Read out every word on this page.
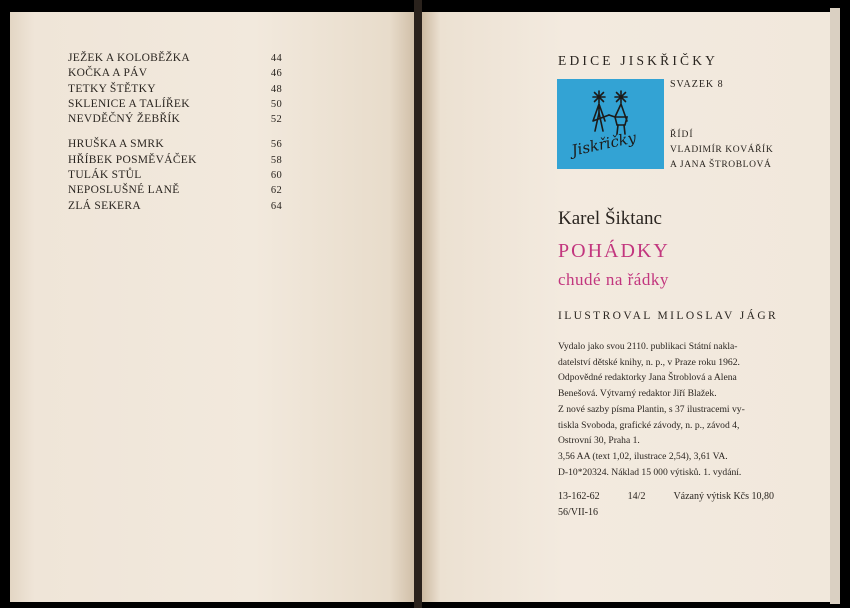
JEŽEK A KOLOBĚŽKA	44
KOČKA A PÁV	46
TETKY ŠTĚTKY	48
SKLENICE A TALÍŘEK	50
NEVDĚČNÝ ŽEBŘÍK	52
HRUŠKA A SMRK	56
HŘÍBEK POSMĚVÁČEK	58
TULÁK STŮL	60
NEPOSLUŠNÉ LANĚ	62
ZLÁ SEKERA	64
EDICE JISKŘIČKY
Jiskřičky
SVAZEK 8
ŘÍDÍ
VLADIMÍR KOVÁŘÍK
A JANA ŠTROBLOVÁ
Karel Šiktanc
POHÁDKY
chudé na řádky
ILUSTROVAL MILOSLAV JÁGR
Vydalo jako svou 2110. publikaci Státní nakla-
datelství dětské knihy, n. p., v Praze roku 1962.
Odpovědné redaktorky Jana Štroblová a Alena
Benešová. Výtvarný redaktor Jiří Blažek.
Z nové sazby písma Plantin, s 37 ilustracemi vy-
tiskla Svoboda, grafické závody, n. p., závod 4,
Ostrovní 30, Praha 1.
3,56 AA (text 1,02, ilustrace 2,54), 3,61 VA.
D-10*20324. Náklad 15 000 výtisků. 1. vydání.
13-162-62	14/2	Vázaný výtisk Kčs 10,80
56/VII-16
